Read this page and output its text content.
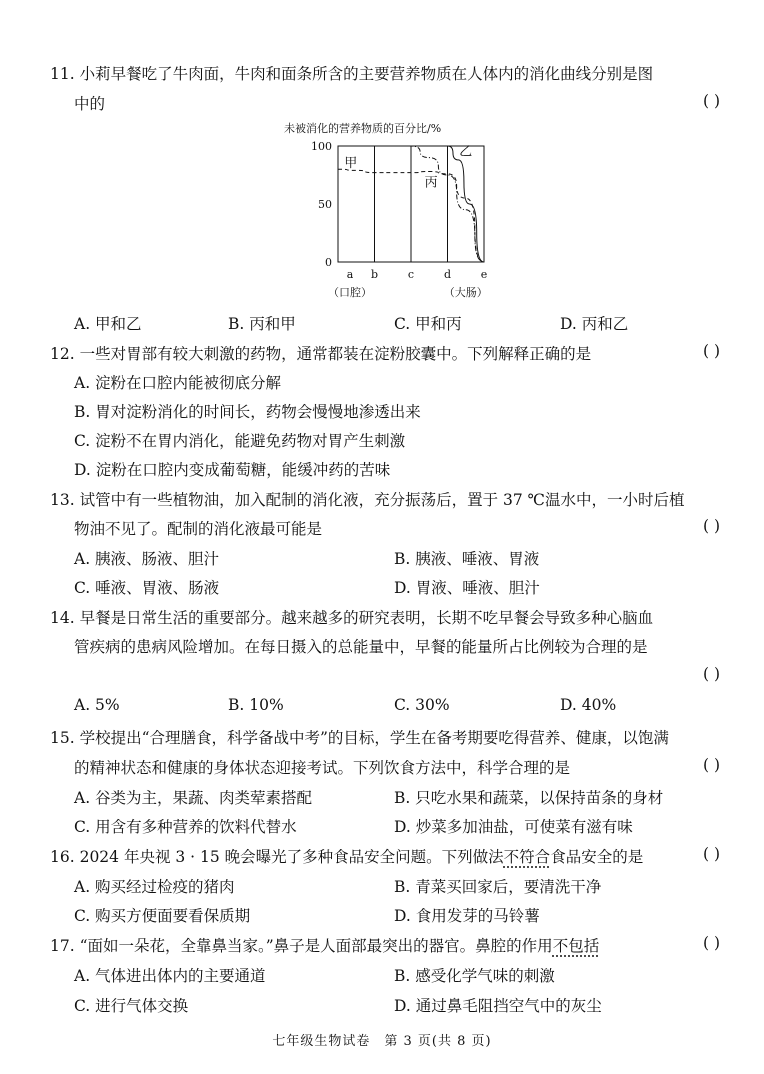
11. 小莉早餐吃了牛肉面，牛肉和面条所含的主要营养物质在人体内的消化曲线分别是图
中的	( )
未被消化的营养物质的百分比/%
100
50
0
a b	c	d	e
（口腔）	（大肠）
甲
乙
丙
A. 甲和乙	B. 丙和甲	C. 甲和丙	D. 丙和乙
12. 一些对胃部有较大刺激的药物，通常都装在淀粉胶囊中。下列解释正确的是	( )
A. 淀粉在口腔内能被彻底分解
B. 胃对淀粉消化的时间长，药物会慢慢地渗透出来
C. 淀粉不在胃内消化，能避免药物对胃产生刺激
D. 淀粉在口腔内变成葡萄糖，能缓冲药的苦味
13. 试管中有一些植物油，加入配制的消化液，充分振荡后，置于 37 ℃温水中，一小时后植
物油不见了。配制的消化液最可能是	( )
A. 胰液、肠液、胆汁	B. 胰液、唾液、胃液
C. 唾液、胃液、肠液	D. 胃液、唾液、胆汁
14. 早餐是日常生活的重要部分。越来越多的研究表明，长期不吃早餐会导致多种心脑血
管疾病的患病风险增加。在每日摄入的总能量中，早餐的能量所占比例较为合理的是
( )
A. 5%	B. 10%	C. 30%	D. 40%
15. 学校提出“合理膳食，科学备战中考”的目标，学生在备考期要吃得营养、健康，以饱满
的精神状态和健康的身体状态迎接考试。下列饮食方法中，科学合理的是	( )
A. 谷类为主，果蔬、肉类荤素搭配	B. 只吃水果和蔬菜，以保持苗条的身材
C. 用含有多种营养的饮料代替水	D. 炒菜多加油盐，可使菜有滋有味
16. 2024 年央视 3 · 15 晚会曝光了多种食品安全问题。下列做法不符合食品安全的是	( )
A. 购买经过检疫的猪肉	B. 青菜买回家后，要清洗干净
C. 购买方便面要看保质期	D. 食用发芽的马铃薯
17. “面如一朵花，全靠鼻当家。”鼻子是人面部最突出的器官。鼻腔的作用不包括	( )
A. 气体进出体内的主要通道	B. 感受化学气味的刺激
C. 进行气体交换	D. 通过鼻毛阻挡空气中的灰尘
七年级生物试卷　第 3 页(共 8 页)
